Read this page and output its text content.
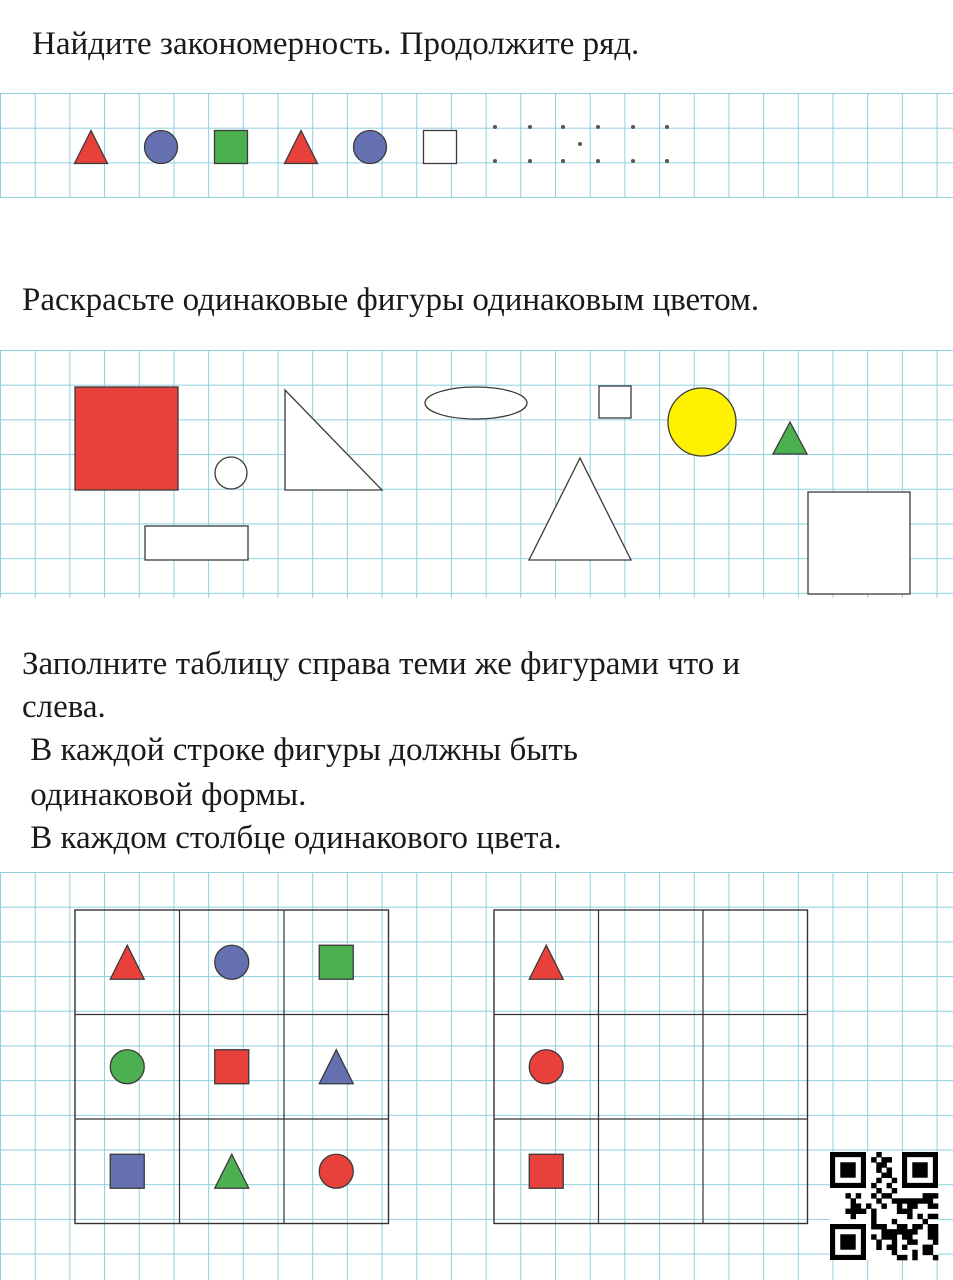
Найдите закономерность. Продолжите ряд.
Раскрасьте одинаковые фигуры одинаковым цветом.
Заполните таблицу справа теми же фигурами что и
слева.
В каждой строке фигуры должны быть
одинаковой формы.
В каждом столбце одинакового цвета.
